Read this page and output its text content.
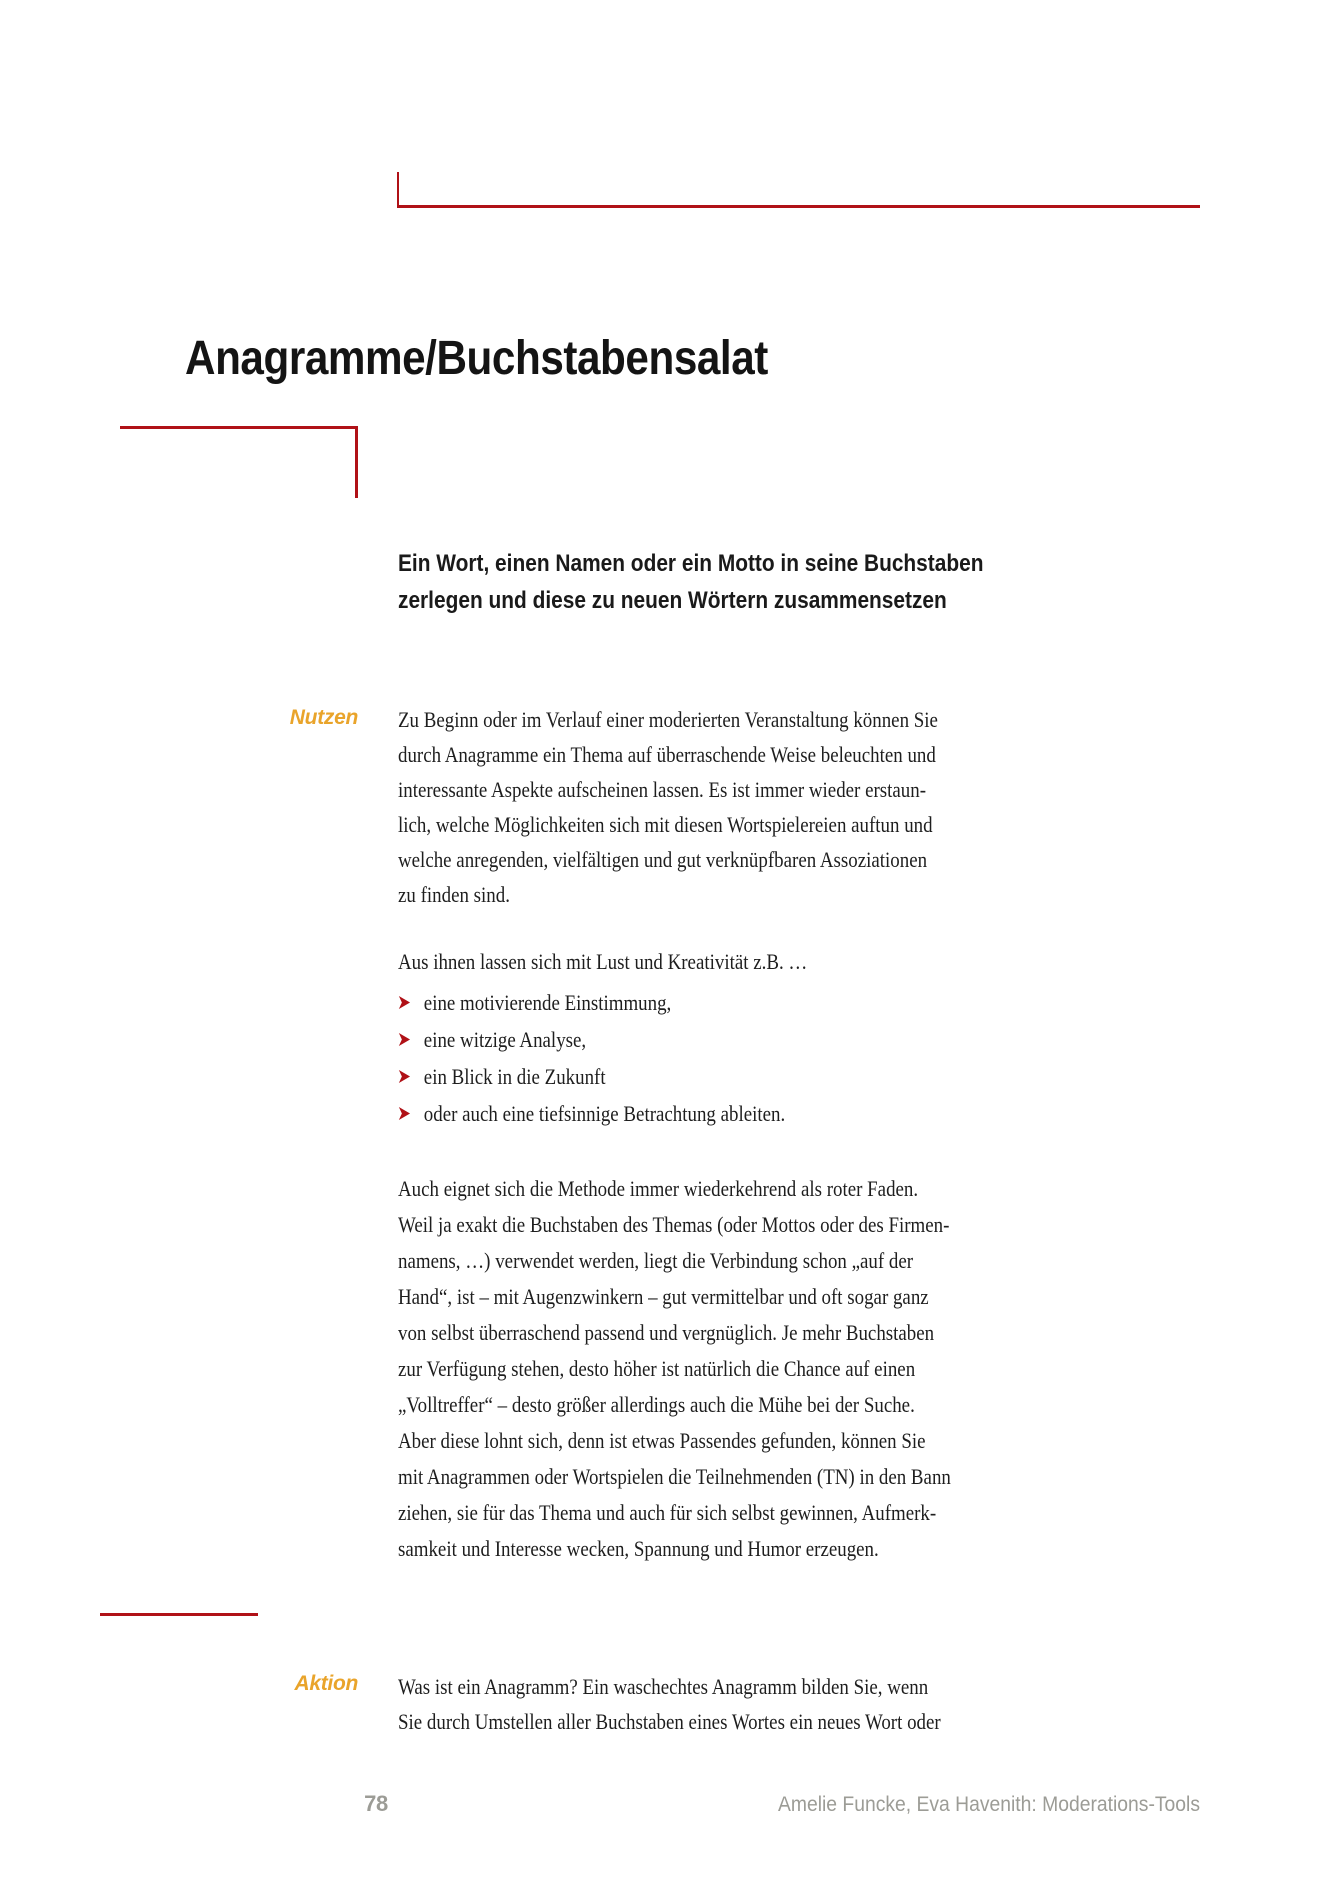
Anagramme/Buchstabensalat
Ein Wort, einen Namen oder ein Motto in seine Buchstaben
zerlegen und diese zu neuen Wörtern zusammensetzen
Nutzen Zu Beginn oder im Verlauf einer moderierten Veranstaltung können Sie
durch Anagramme ein Thema auf überraschende Weise beleuchten und
interessante Aspekte aufscheinen lassen. Es ist immer wieder erstaun-
lich, welche Möglichkeiten sich mit diesen Wortspielereien auftun und
welche anregenden, vielfältigen und gut verknüpfbaren Assoziationen
zu finden sind.
Aus ihnen lassen sich mit Lust und Kreativität z.B. …
eine motivierende Einstimmung,
eine witzige Analyse,
ein Blick in die Zukunft
oder auch eine tiefsinnige Betrachtung ableiten.
Auch eignet sich die Methode immer wiederkehrend als roter Faden.
Weil ja exakt die Buchstaben des Themas (oder Mottos oder des Firmen-
namens, …) verwendet werden, liegt die Verbindung schon „auf der
Hand“, ist – mit Augenzwinkern – gut vermittelbar und oft sogar ganz
von selbst überraschend passend und vergnüglich. Je mehr Buchstaben
zur Verfügung stehen, desto höher ist natürlich die Chance auf einen
„Volltreffer“ – desto größer allerdings auch die Mühe bei der Suche.
Aber diese lohnt sich, denn ist etwas Passendes gefunden, können Sie
mit Anagrammen oder Wortspielen die Teilnehmenden (TN) in den Bann
ziehen, sie für das Thema und auch für sich selbst gewinnen, Aufmerk-
samkeit und Interesse wecken, Spannung und Humor erzeugen.
Aktion Was ist ein Anagramm? Ein waschechtes Anagramm bilden Sie, wenn
Sie durch Umstellen aller Buchstaben eines Wortes ein neues Wort oder
78	Amelie Funcke, Eva Havenith: Moderations-Tools
